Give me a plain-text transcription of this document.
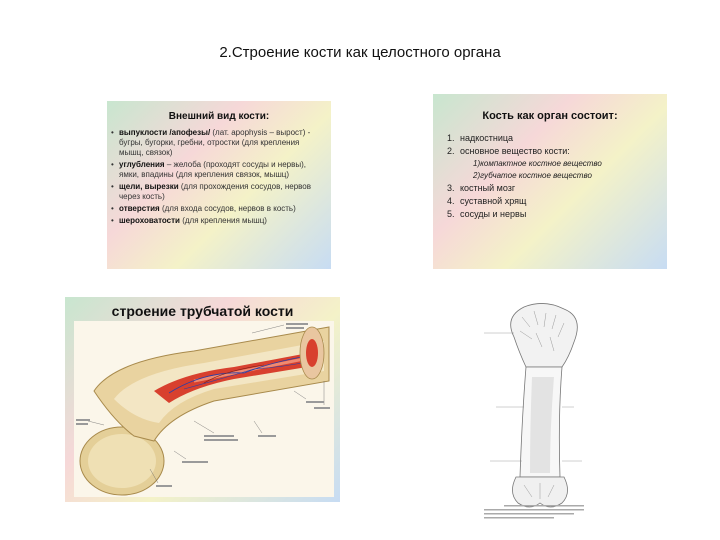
2.Строение кости как целостного органа
Внешний вид кости:
• выпуклости /апофезы/ (лат. apophysis – вырост) - бугры, бугорки, гребни, отростки (для крепления мышц, связок)
• углубления – желоба (проходят сосуды и нервы), ямки, впадины (для крепления связок, мышц)
• щели, вырезки (для прохождения сосудов, нервов через кость)
• отверстия (для входа сосудов, нервов в кость)
• шероховатости (для крепления мышц)
Кость как орган состоит:
1. надкостница
2. основное вещество кости:
1)компактное костное вещество
2)губчатое костное вещество
3. костный мозг
4. суставной хрящ
5. сосуды и нервы
строение трубчатой кости
